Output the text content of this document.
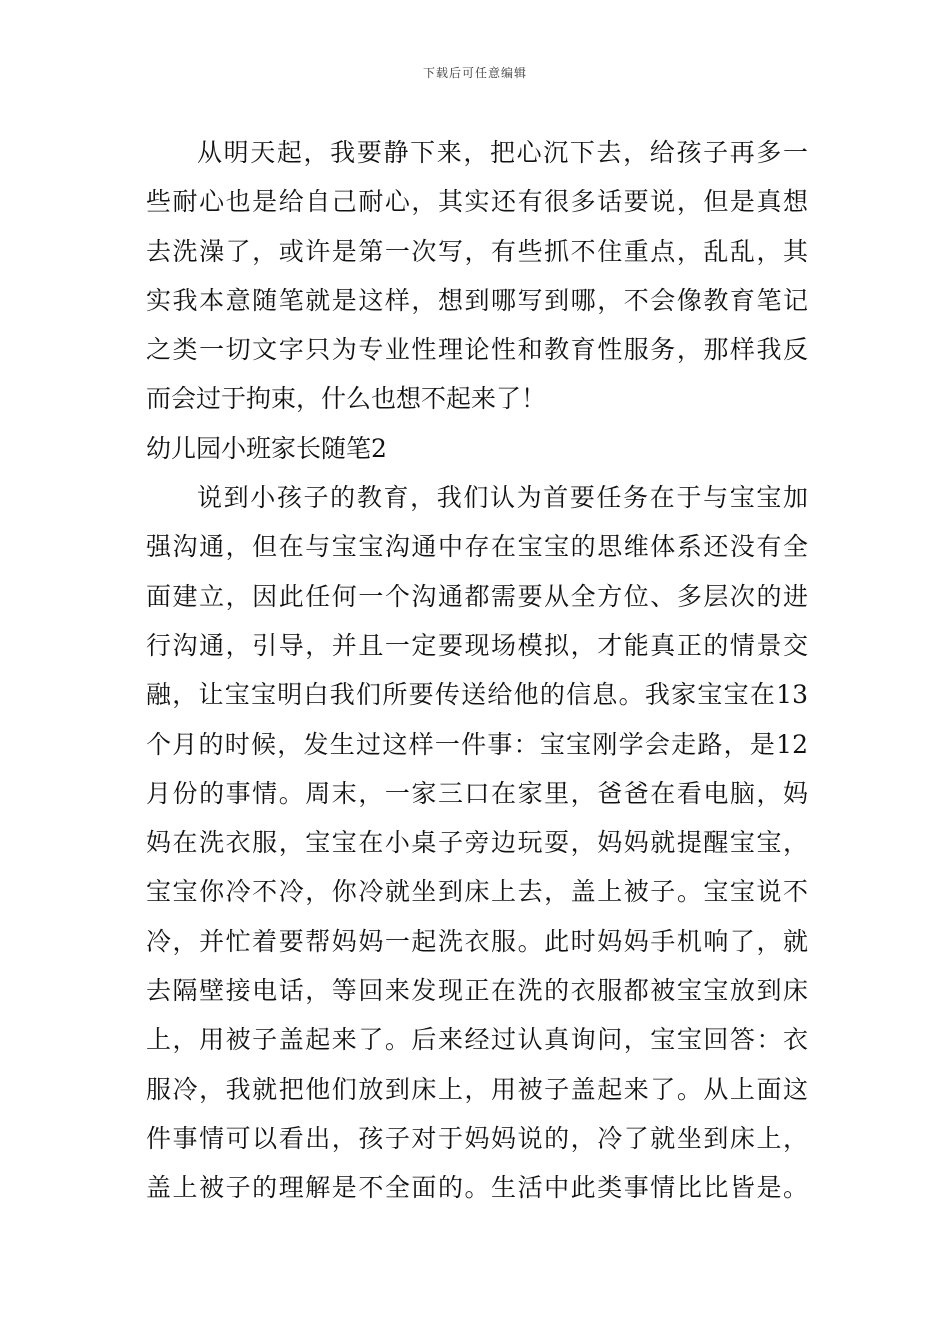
下载后可任意编辑
从明天起，我要静下来，把心沉下去，给孩子再多一
些耐心也是给自己耐心，其实还有很多话要说，但是真想
去洗澡了，或许是第一次写，有些抓不住重点，乱乱，其
实我本意随笔就是这样，想到哪写到哪，不会像教育笔记
之类一切文字只为专业性理论性和教育性服务，那样我反
而会过于拘束，什么也想不起来了！
幼儿园小班家长随笔2
说到小孩子的教育，我们认为首要任务在于与宝宝加
强沟通，但在与宝宝沟通中存在宝宝的思维体系还没有全
面建立，因此任何一个沟通都需要从全方位、多层次的进
行沟通，引导，并且一定要现场模拟，才能真正的情景交
融，让宝宝明白我们所要传送给他的信息。我家宝宝在13
个月的时候，发生过这样一件事：宝宝刚学会走路，是12
月份的事情。周末，一家三口在家里，爸爸在看电脑，妈
妈在洗衣服，宝宝在小桌子旁边玩耍，妈妈就提醒宝宝，
宝宝你冷不冷，你冷就坐到床上去，盖上被子。宝宝说不
冷，并忙着要帮妈妈一起洗衣服。此时妈妈手机响了，就
去隔壁接电话，等回来发现正在洗的衣服都被宝宝放到床
上，用被子盖起来了。后来经过认真询问，宝宝回答：衣
服冷，我就把他们放到床上，用被子盖起来了。从上面这
件事情可以看出，孩子对于妈妈说的，冷了就坐到床上，
盖上被子的理解是不全面的。生活中此类事情比比皆是。
